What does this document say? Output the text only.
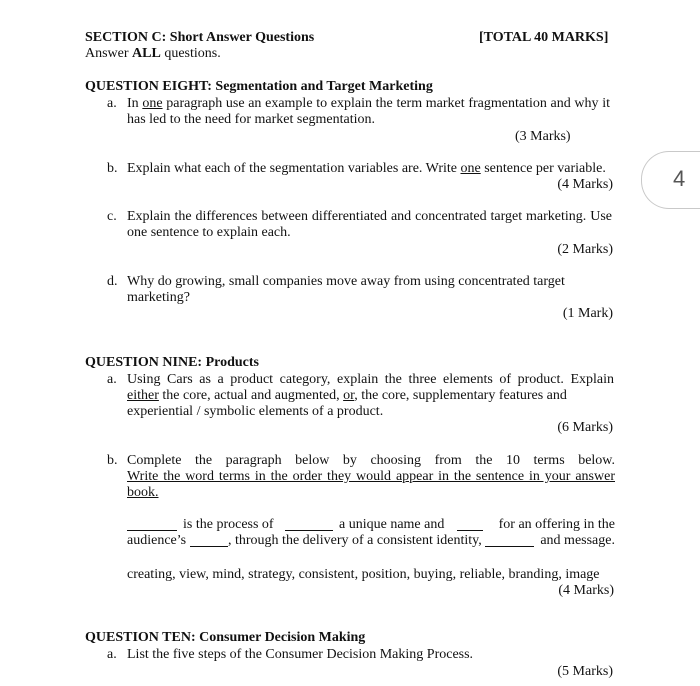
SECTION C: Short Answer Questions	[TOTAL 40 MARKS]
Answer ALL questions.
QUESTION EIGHT: Segmentation and Target Marketing
a. In one paragraph use an example to explain the term market fragmentation and why it
has led to the need for market segmentation.
(3 Marks)
b. Explain what each of the segmentation variables are. Write one sentence per variable.
(4 Marks)
c. Explain the differences between differentiated and concentrated target marketing. Use
one sentence to explain each.
(2 Marks)
d. Why do growing, small companies move away from using concentrated target
marketing?
(1 Mark)
QUESTION NINE: Products
a. Using Cars as a product category, explain the three elements of product. Explain
either the core, actual and augmented, or, the core, supplementary features and
experiential / symbolic elements of a product.
(6 Marks)
b. Complete the paragraph below by choosing from the 10 terms below.
Write the word terms in the order they would appear in the sentence in your answer
book.
is the process of	a unique name and	for an offering in the
audience’s	, through the delivery of a consistent identity,	and message.
creating, view, mind, strategy, consistent, position, buying, reliable, branding, image
(4 Marks)
QUESTION TEN: Consumer Decision Making
a. List the five steps of the Consumer Decision Making Process.
(5 Marks)
4
